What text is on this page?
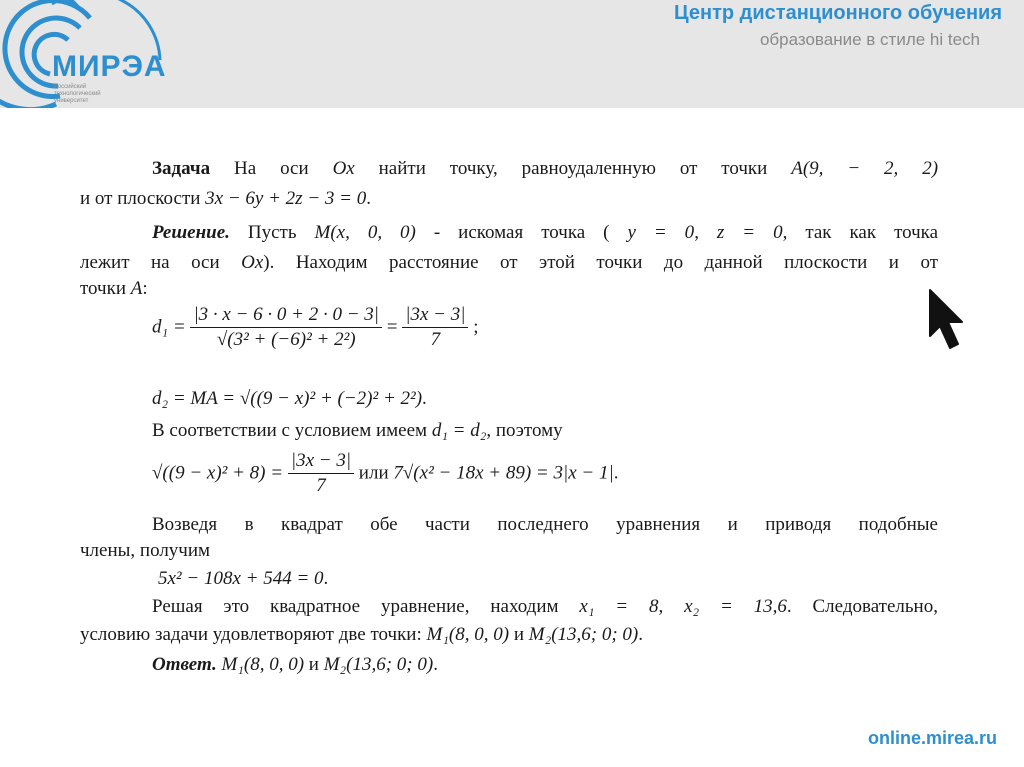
МИРЭА
Российский технологический университет
Центр дистанционного обучения
образование в стиле hi tech
Задача На оси Ox найти точку, равноудаленную от точки A(9, − 2, 2)
и от плоскости 3x − 6y + 2z − 3 = 0.
Решение. Пусть M(x, 0, 0) - искомая точка ( y = 0, z = 0, так как точка
лежит на оси Ox). Находим расстояние от этой точки до данной плоскости и от
точки A:
$d_1 = \frac{|3 \cdot x - 6 \cdot 0 + 2 \cdot 0 - 3|}{\text{√(3² + (−6)² + 2²)}} = \frac{|3x - 3|}{7}$ ;
d₂ = MA = √((9 − x)² + (−2)² + 2²).
В соответствии с условием имеем d₁ = d₂, поэтому
$√((9 - x)^2 + 8) = \frac{|3x - 3|}{7}$ или 7√(x² − 18x + 89) = 3|x − 1|.
Возведя в квадрат обе части последнего уравнения и приводя подобные
члены, получим
5x² − 108x + 544 = 0.
Решая это квадратное уравнение, находим x₁ = 8, x₂ = 13,6. Следовательно,
условию задачи удовлетворяют две точки: M₁(8, 0, 0) и M₂(13,6; 0; 0).
Ответ. M₁(8, 0, 0) и M₂(13,6; 0; 0).
online.mirea.ru
